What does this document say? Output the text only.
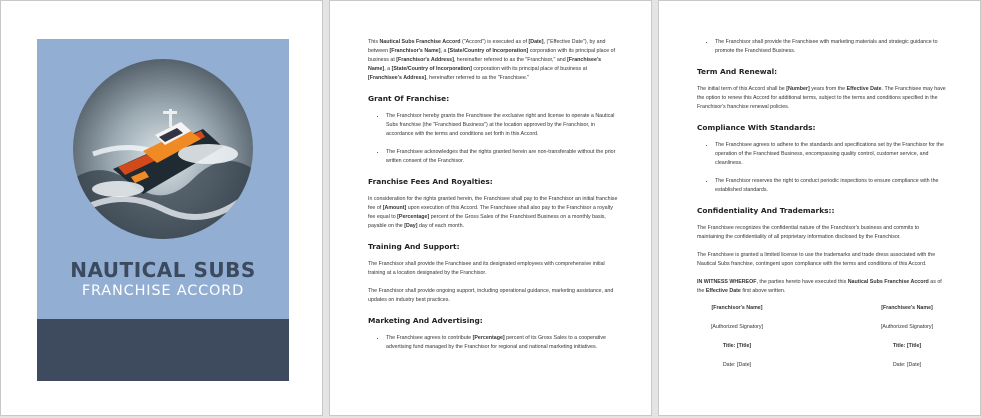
NAUTICAL SUBS
FRANCHISE ACCORD

This Nautical Subs Franchise Accord ("Accord") is executed as of [Date], ("Effective Date"), by and between [Franchisor's Name], a [State/Country of Incorporation] corporation with its principal place of business at [Franchisor's Address], hereinafter referred to as the "Franchisor," and [Franchisee's Name], a [State/Country of Incorporation] corporation with its principal place of business at [Franchisee's Address], hereinafter referred to as the "Franchisee."

Grant Of Franchise:
• The Franchisor hereby grants the Franchisee the exclusive right and license to operate a Nautical Subs franchise (the "Franchised Business") at the location approved by the Franchisor, in accordance with the terms and conditions set forth in this Accord.
• The Franchisee acknowledges that the rights granted herein are non-transferable without the prior written consent of the Franchisor.
Franchise Fees And Royalties:

In consideration for the rights granted herein, the Franchisee shall pay to the Franchisor an initial franchise fee of [Amount] upon execution of this Accord. The Franchisee shall also pay to the Franchisor a royalty fee equal to [Percentage] percent of the Gross Sales of the Franchised Business on a monthly basis, payable on the [Day] day of each month.

Training And Support:

The Franchisor shall provide the Franchisee and its designated employees with comprehensive initial training at a location designated by the Franchisor.

The Franchisor shall provide ongoing support, including operational guidance, marketing assistance, and updates on industry best practices.

Marketing And Advertising:
• The Franchisee agrees to contribute [Percentage] percent of its Gross Sales to a cooperative advertising fund managed by the Franchisor for regional and national marketing initiatives.
• The Franchisor shall provide the Franchisee with marketing materials and strategic guidance to promote the Franchised Business.
Term And Renewal:

The initial term of this Accord shall be [Number] years from the Effective Date. The Franchisee may have the option to renew this Accord for additional terms, subject to the terms and conditions specified in the Franchisor's franchise renewal policies.

Compliance With Standards:
• The Franchisee agrees to adhere to the standards and specifications set by the Franchisor for the operation of the Franchised Business, encompassing quality control, customer service, and cleanliness.
• The Franchisor reserves the right to conduct periodic inspections to ensure compliance with the established standards.
Confidentiality And Trademarks::

The Franchisee recognizes the confidential nature of the Franchisor's business and commits to maintaining the confidentiality of all proprietary information disclosed by the Franchisor.

The Franchisee is granted a limited license to use the trademarks and trade dress associated with the Nautical Subs franchise, contingent upon compliance with the terms and conditions of this Accord.

IN WITNESS WHEREOF, the parties hereto have executed this Nautical Subs Franchise Accord as of the Effective Date first above written.

[Franchisor's Name]	[Franchisee's Name]
[Authorized Signatory]	[Authorized Signatory]
Title: [Title]	Title: [Title]
Date: [Date]	Date: [Date]
